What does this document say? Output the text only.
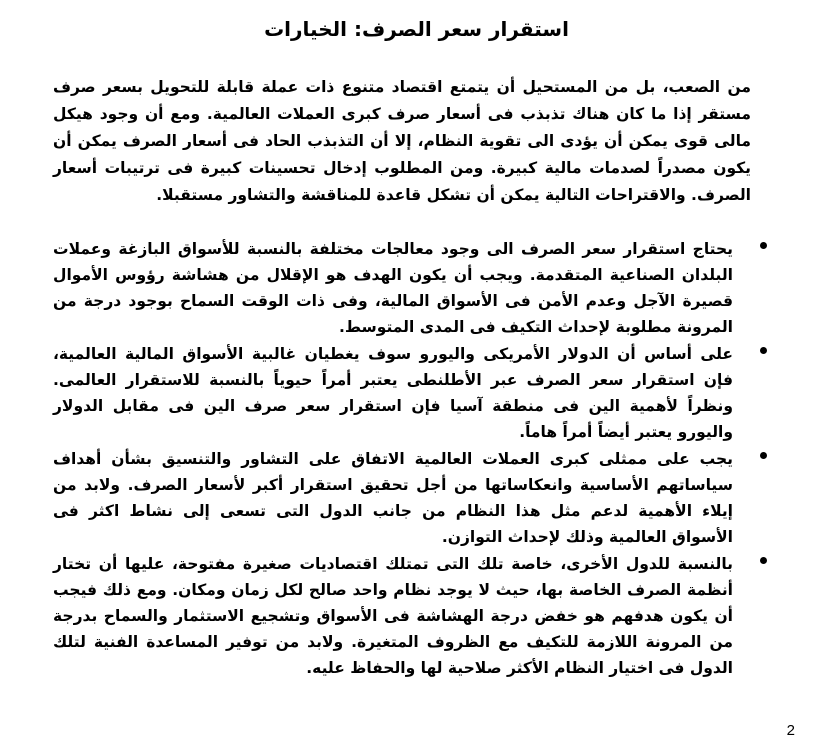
استقرار سعر الصرف: الخيارات

من الصعب، بل من المستحيل أن يتمتع اقتصاد متنوع ذات عملة قابلة للتحويل بسعر صرف مستقر إذا ما كان هناك تذبذب فى أسعار صرف كبرى العملات العالمية. ومع أن وجود هيكل مالى قوى يمكن أن يؤدى الى تقوية النظام، إلا أن التذبذب الحاد فى أسعار الصرف يمكن أن يكون مصدراً لصدمات مالية كبيرة. ومن المطلوب إدخال تحسينات كبيرة فى ترتيبات أسعار الصرف. والاقتراحات التالية يمكن أن تشكل قاعدة للمناقشة والتشاور مستقبلا.

يحتاج استقرار سعر الصرف الى وجود معالجات مختلفة بالنسبة للأسواق البازغة وعملات البلدان الصناعية المتقدمة. ويجب أن يكون الهدف هو الإقلال من هشاشة رؤوس الأموال قصيرة الآجل وعدم الأمن فى الأسواق المالية، وفى ذات الوقت السماح بوجود درجة من المرونة مطلوبة لإحداث التكيف فى المدى المتوسط.
على أساس أن الدولار الأمريكى واليورو سوف يغطيان غالبية الأسواق المالية العالمية، فإن استقرار سعر الصرف عبر الأطلنطى يعتبر أمراً حيوياً بالنسبة للاستقرار العالمى. ونظراً لأهمية الين فى منطقة آسيا فإن استقرار سعر صرف الين فى مقابل الدولار واليورو يعتبر أيضاً أمراً هاماً.
يجب على ممثلى كبرى العملات العالمية الاتفاق على التشاور والتنسيق بشأن أهداف سياساتهم الأساسية وانعكاساتها من أجل تحقيق استقرار أكبر لأسعار الصرف. ولابد من إيلاء الأهمية لدعم مثل هذا النظام من جانب الدول التى تسعى إلى نشاط اكثر فى الأسواق العالمية وذلك لإحداث التوازن.
بالنسبة للدول الأخرى، خاصة تلك التى تمتلك اقتصاديات صغيرة مفتوحة، عليها أن تختار أنظمة الصرف الخاصة بها، حيث لا يوجد نظام واحد صالح لكل زمان ومكان. ومع ذلك فيجب أن يكون هدفهم هو خفض درجة الهشاشة فى الأسواق وتشجيع الاستثمار والسماح بدرجة من المرونة اللازمة للتكيف مع الظروف المتغيرة. ولابد من توفير المساعدة الفنية لتلك الدول فى اختيار النظام الأكثر صلاحية لها والحفاظ عليه.
2
